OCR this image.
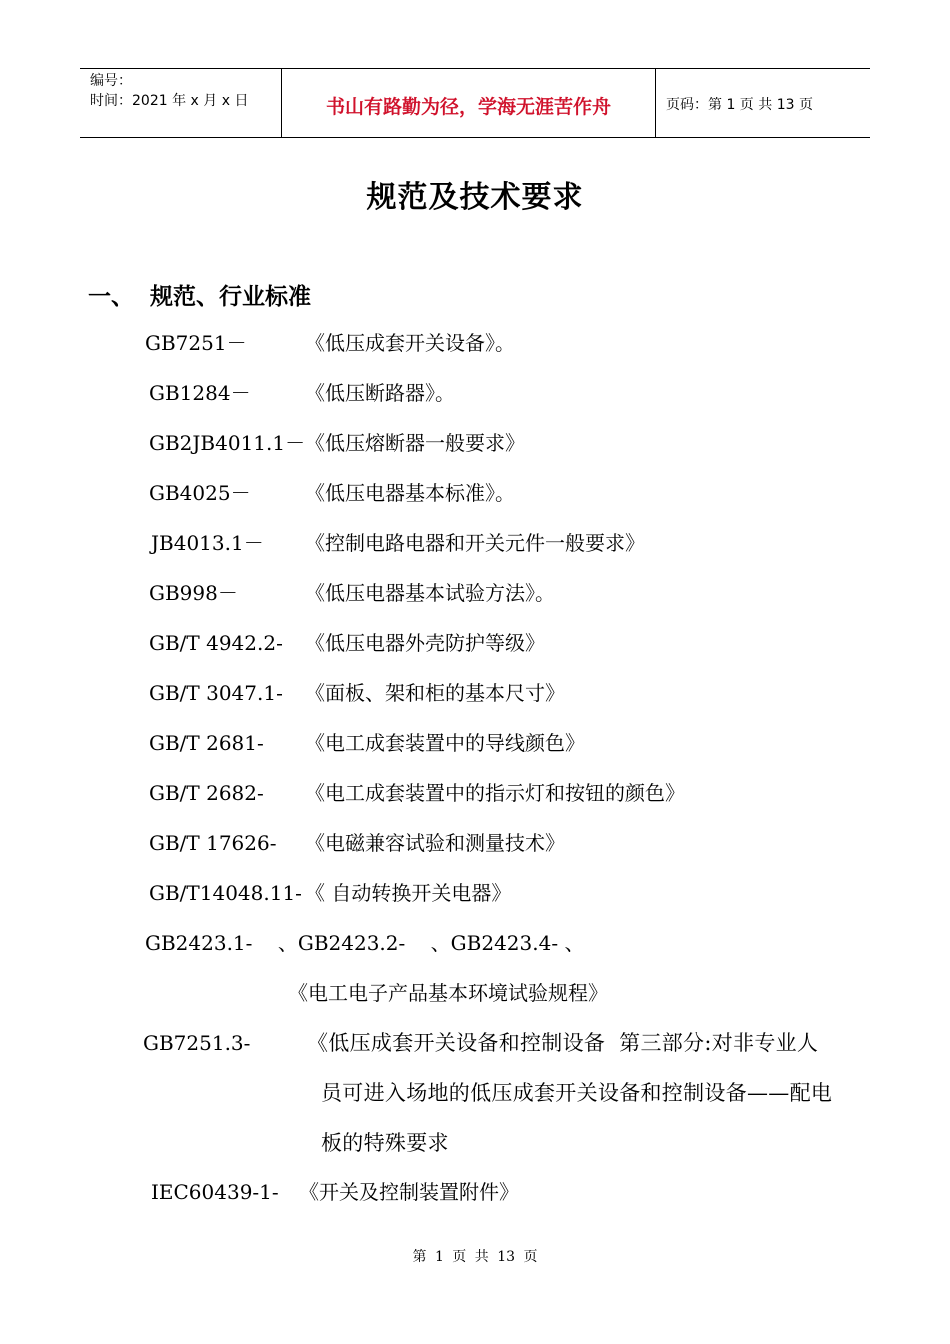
编号：
时间：2021 年 x 月 x 日	书山有路勤为径，学海无涯苦作舟	页码：第 1 页 共 13 页
规范及技术要求
一、 规范、行业标准
GB7251－	《低压成套开关设备》。
GB1284－	《低压断路器》。
GB2JB4011.1－ 《低压熔断器一般要求》
GB4025－	《低压电器基本标准》。
JB4013.1－ 《控制电路电器和开关元件一般要求》
GB998－	《低压电器基本试验方法》。
GB/T 4942.2- 《低压电器外壳防护等级》
GB/T 3047.1- 《面板、架和柜的基本尺寸》
GB/T 2681- 《电工成套装置中的导线颜色》
GB/T 2682- 《电工成套装置中的指示灯和按钮的颜色》
GB/T 17626- 《电磁兼容试验和测量技术》
GB/T14048.11- 《 自动转换开关电器》
GB2423.1-    、GB2423.2-    、GB2423.4- 、
《电工电子产品基本环境试验规程》
GB7251.3-	《低压成套开关设备和控制设备  第三部分:对非专业人
员可进入场地的低压成套开关设备和控制设备——配电
板的特殊要求
IEC60439-1- 《开关及控制装置附件》
第 1 页 共 13 页
